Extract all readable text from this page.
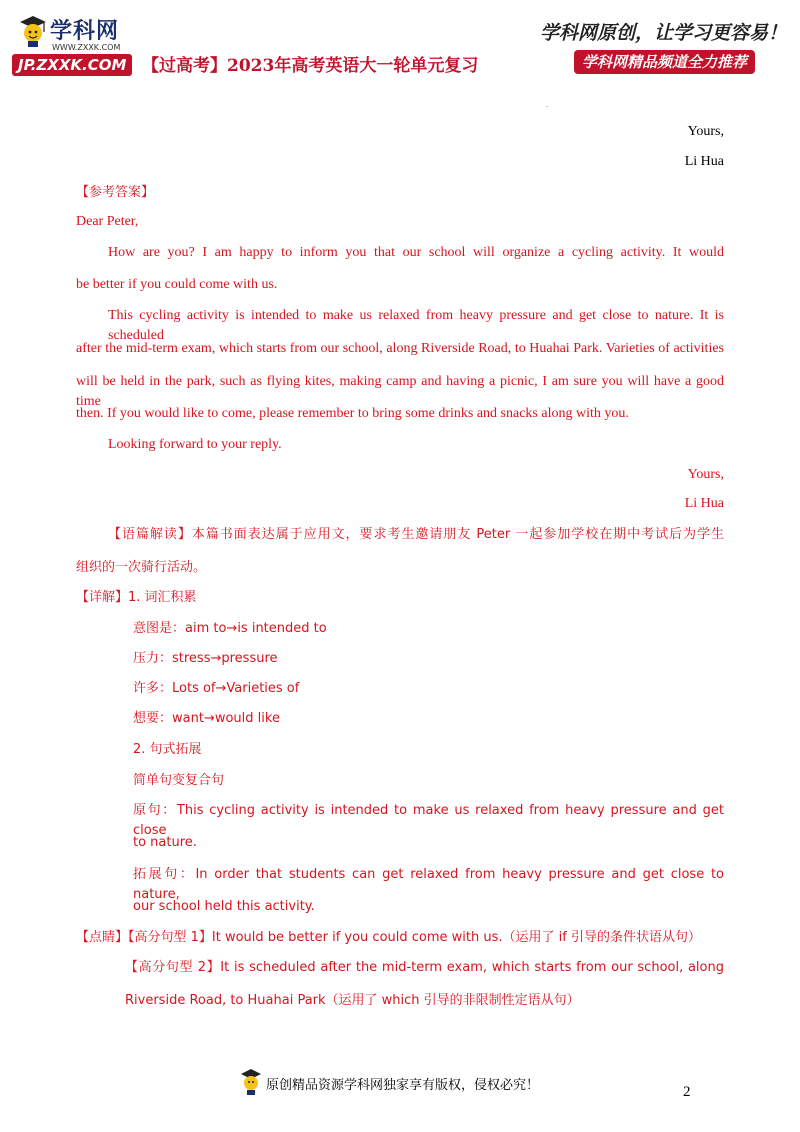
学科网
WWW.ZXXK.COM
JP.ZXXK.COM 【过高考】2023年高考英语大一轮单元复习
学科网原创，让学习更容易！
学科网精品频道全力推荐
.
Yours,
Li Hua
【参考答案】
Dear Peter,
How are you? I am happy to inform you that our school will organize a cycling activity. It would
be better if you could come with us.
This cycling activity is intended to make us relaxed from heavy pressure and get close to nature. It is scheduled
after the mid-term exam, which starts from our school, along Riverside Road, to Huahai Park. Varieties of activities
will be held in the park, such as flying kites, making camp and having a picnic, I am sure you will have a good time
then. If you would like to come, please remember to bring some drinks and snacks along with you.
Looking forward to your reply.
Yours,
Li Hua
【语篇解读】本篇书面表达属于应用文，要求考生邀请朋友 Peter 一起参加学校在期中考试后为学生
组织的一次骑行活动。
【详解】1. 词汇积累
意图是：aim to→is intended to
压力：stress→pressure
许多：Lots of→Varieties of
想要：want→would like
2. 句式拓展
简单句变复合句
原句：This cycling activity is intended to make us relaxed from heavy pressure and get close
to nature.
拓展句：In order that students can get relaxed from heavy pressure and get close to nature,
our school held this activity.
【点睛】【高分句型 1】It would be better if you could come with us.（运用了 if 引导的条件状语从句）
【高分句型 2】It is scheduled after the mid-term exam, which starts from our school, along
Riverside Road, to Huahai Park（运用了 which 引导的非限制性定语从句）
原创精品资源学科网独家享有版权，侵权必究！	2
